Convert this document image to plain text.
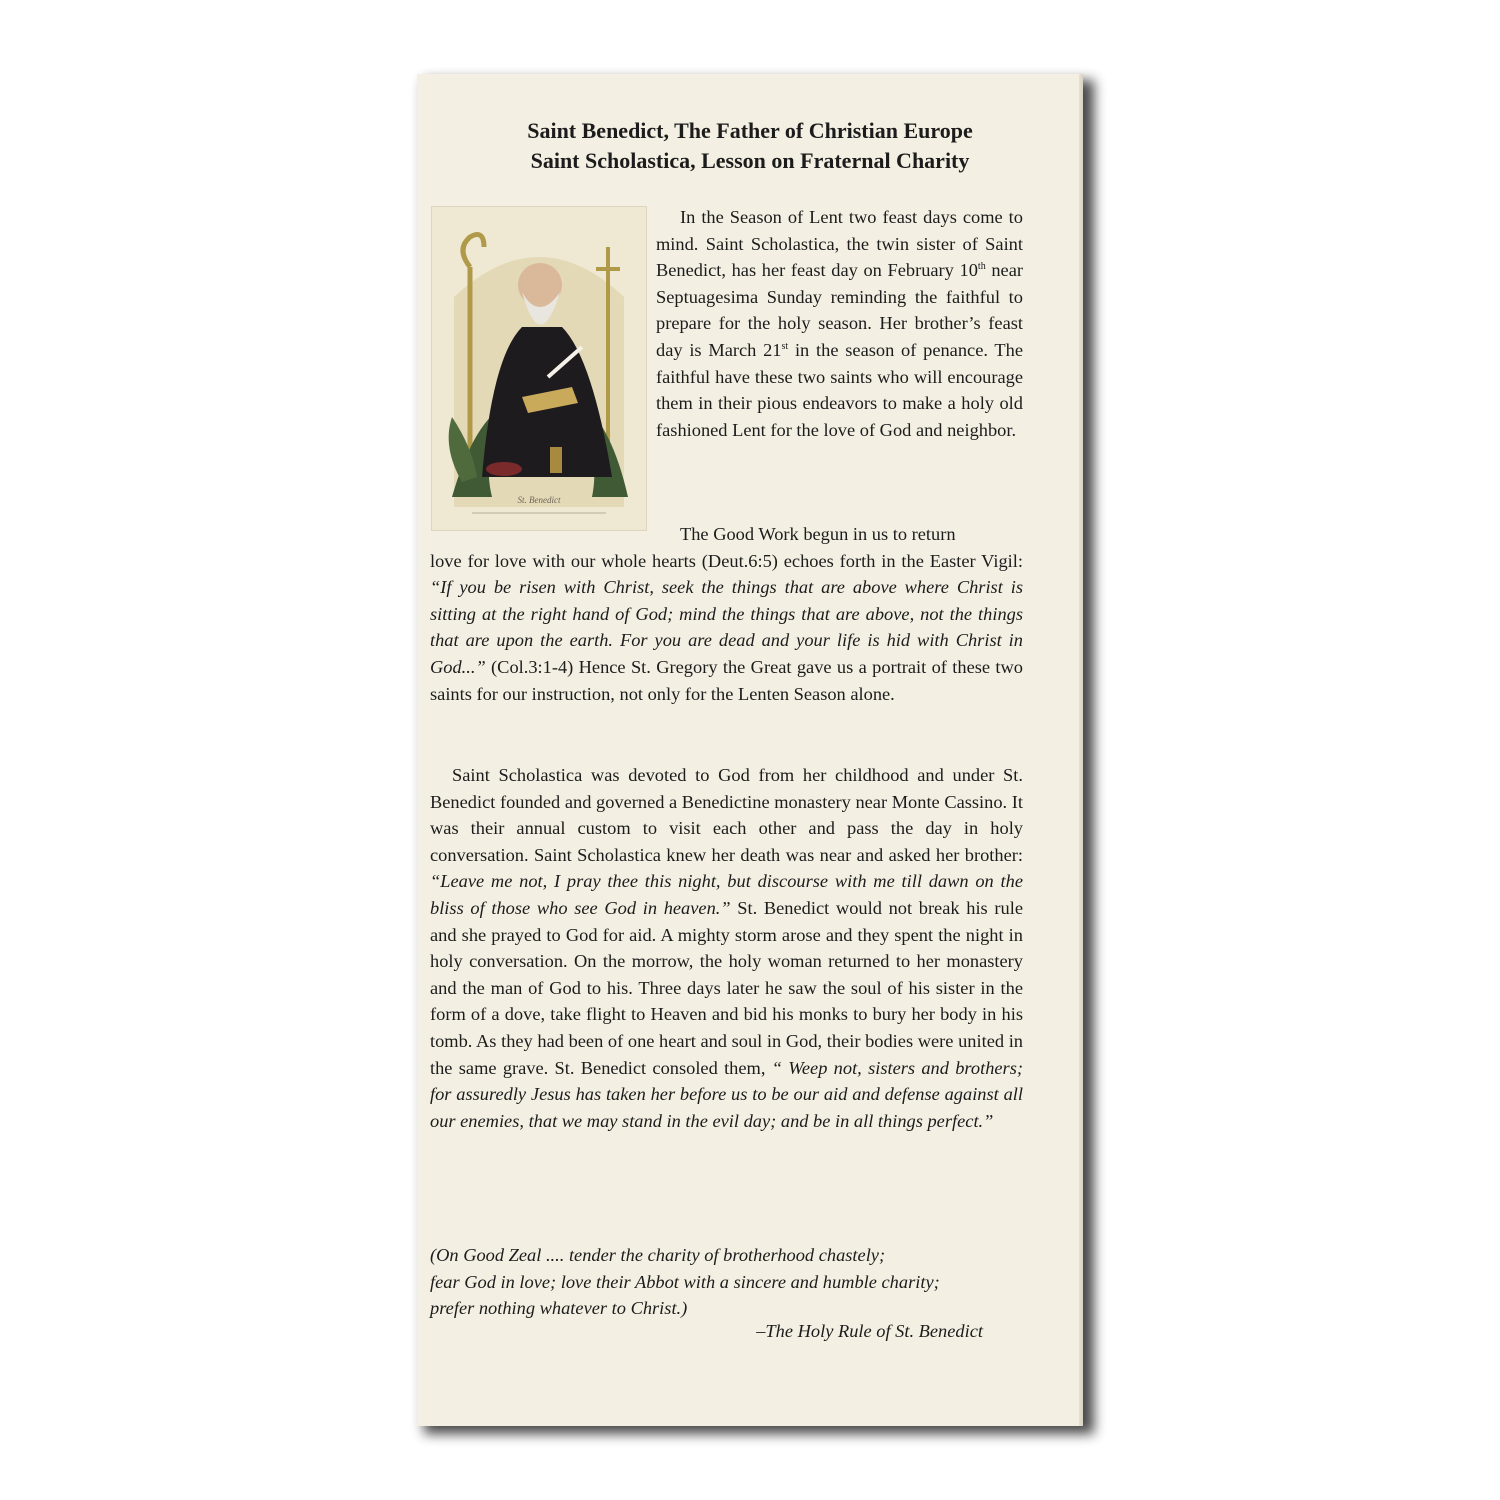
Saint Benedict, The Father of Christian Europe
Saint Scholastica, Lesson on Fraternal Charity
St. Benedict

In the Season of Lent two feast days come to mind. Saint Scholastica, the twin sister of Saint Benedict, has her feast day on February 10th near Septuagesima Sunday reminding the faithful to prepare for the holy season. Her brother’s feast day is March 21st in the season of penance. The faithful have these two saints who will encourage them in their pious endeavors to make a holy old fashioned Lent for the love of God and neighbor.

The Good Work begun in us to return
love for love with our whole hearts (Deut.6:5) echoes forth in the Easter Vigil: “If you be risen with Christ, seek the things that are above where Christ is sitting at the right hand of God; mind the things that are above, not the things that are upon the earth. For you are dead and your life is hid with Christ in God...” (Col.3:1-4) Hence St. Gregory the Great gave us a portrait of these two saints for our instruction, not only for the Lenten Season alone.

Saint Scholastica was devoted to God from her childhood and under St. Benedict founded and governed a Benedictine monastery near Monte Cassino. It was their annual custom to visit each other and pass the day in holy conversation. Saint Scholastica knew her death was near and asked her brother: “Leave me not, I pray thee this night, but discourse with me till dawn on the bliss of those who see God in heaven.” St. Benedict would not break his rule and she prayed to God for aid. A mighty storm arose and they spent the night in holy conversation. On the morrow, the holy woman returned to her monastery and the man of God to his. Three days later he saw the soul of his sister in the form of a dove, take flight to Heaven and bid his monks to bury her body in his tomb. As they had been of one heart and soul in God, their bodies were united in the same grave. St. Benedict consoled them, “ Weep not, sisters and brothers; for assuredly Jesus has taken her before us to be our aid and defense against all our enemies, that we may stand in the evil day; and be in all things perfect.”

(On Good Zeal .... tender the charity of brotherhood chastely;
fear God in love; love their Abbot with a sincere and humble charity;
prefer nothing whatever to Christ.)
–The Holy Rule of St. Benedict
